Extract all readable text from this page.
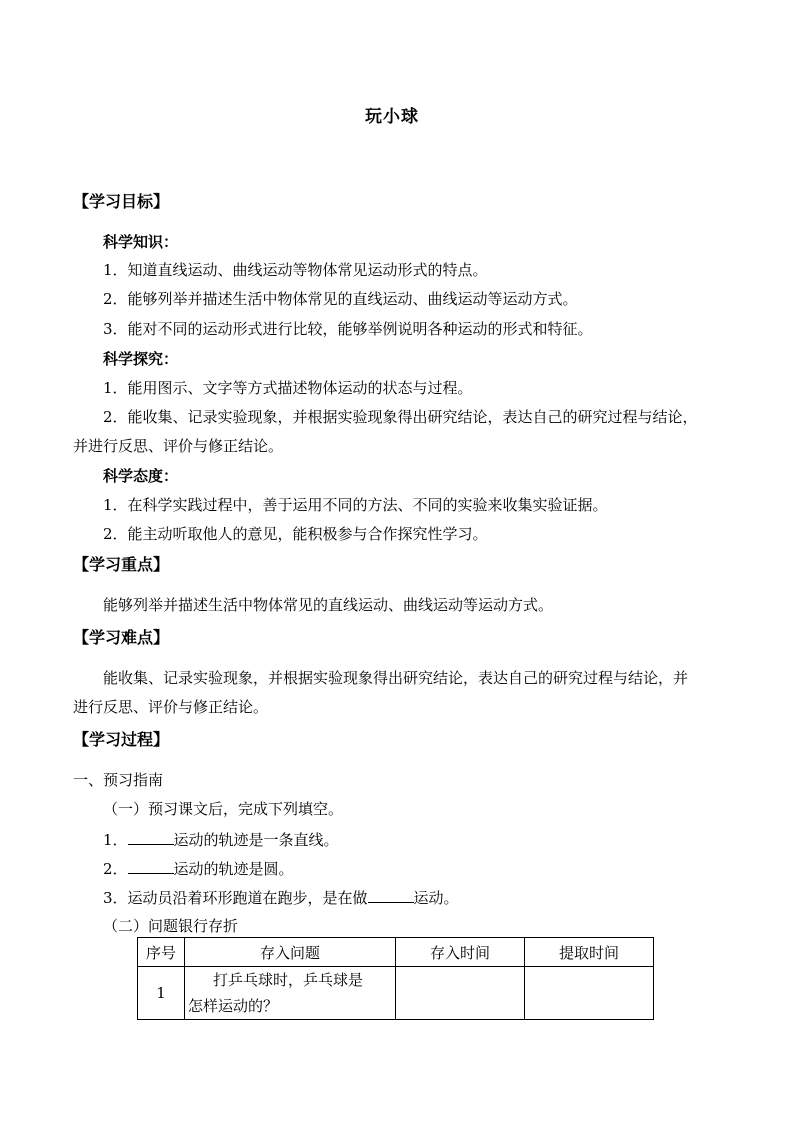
玩小球
【学习目标】
科学知识：
1．知道直线运动、曲线运动等物体常见运动形式的特点。
2．能够列举并描述生活中物体常见的直线运动、曲线运动等运动方式。
3．能对不同的运动形式进行比较，能够举例说明各种运动的形式和特征。
科学探究：
1．能用图示、文字等方式描述物体运动的状态与过程。
2．能收集、记录实验现象，并根据实验现象得出研究结论，表达自己的研究过程与结论，
并进行反思、评价与修正结论。
科学态度：
1．在科学实践过程中，善于运用不同的方法、不同的实验来收集实验证据。
2．能主动听取他人的意见，能积极参与合作探究性学习。
【学习重点】
能够列举并描述生活中物体常见的直线运动、曲线运动等运动方式。
【学习难点】
能收集、记录实验现象，并根据实验现象得出研究结论，表达自己的研究过程与结论，并
进行反思、评价与修正结论。
【学习过程】
一、预习指南
（一）预习课文后，完成下列填空。
1．	运动的轨迹是一条直线。
2．	运动的轨迹是圆。
3．运动员沿着环形跑道在跑步，是在做	运动。
（二）问题银行存折
序号	存入问题	存入时间	提取时间
1	打乒乓球时，乒乓球是
怎样运动的？		
